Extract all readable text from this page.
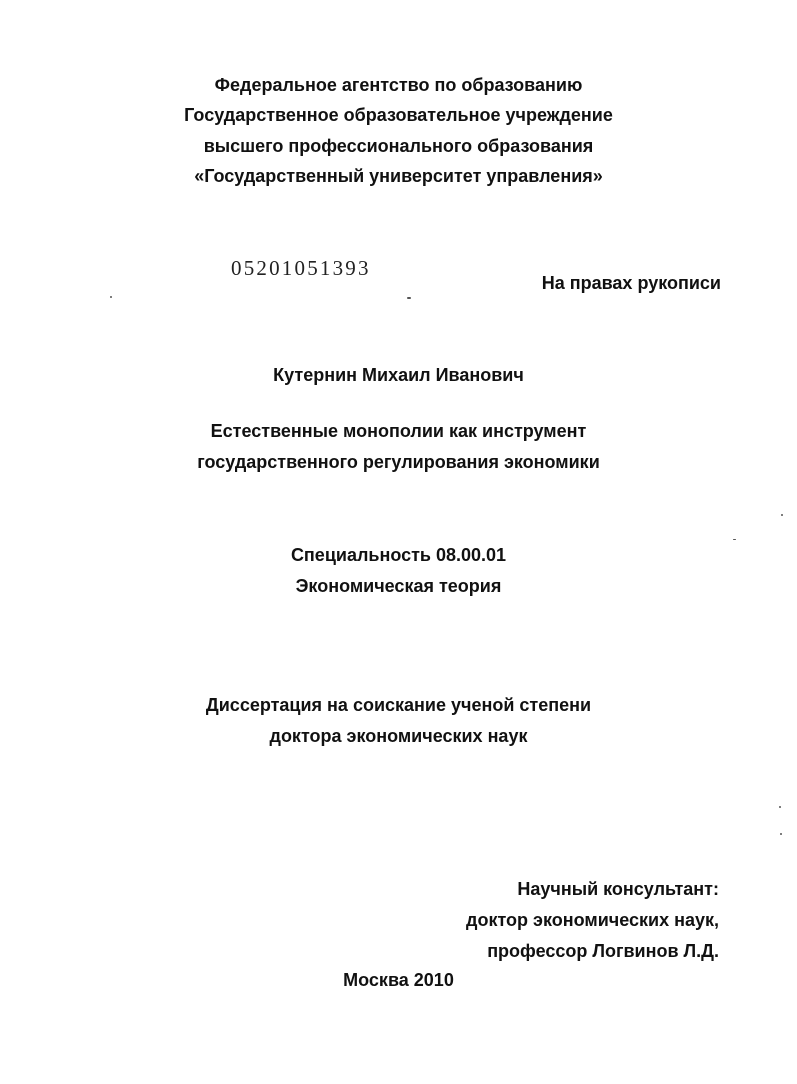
Федеральное агентство по образованию
Государственное образовательное учреждение
высшего профессионального образования
«Государственный университет управления»
05201051393
На правах рукописи
Кутернин Михаил Иванович
Естественные монополии как инструмент
государственного регулирования экономики
Специальность 08.00.01
Экономическая теория
Диссертация на соискание ученой степени
доктора экономических наук
Научный консультант:
доктор экономических наук,
профессор Логвинов Л.Д.
Москва 2010
